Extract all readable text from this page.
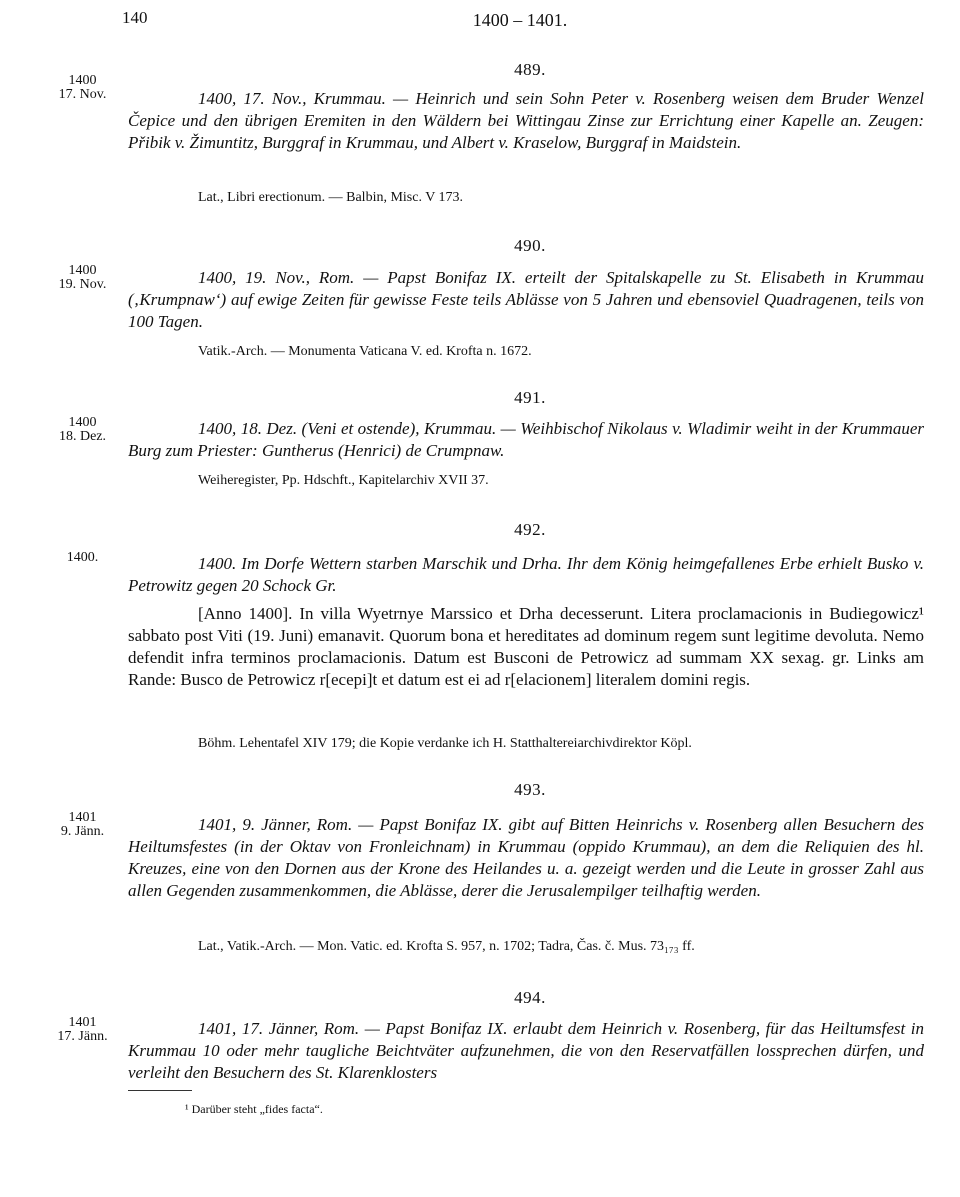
140	1400 – 1401.
489.
1400
17. Nov.	1400, 17. Nov., Krummau. — Heinrich und sein Sohn Peter v. Rosenberg weisen dem Bruder Wenzel Čepice und den übrigen Eremiten in den Wäldern bei Wittingau Zinse zur Errichtung einer Kapelle an. Zeugen: Přibik v. Žimuntitz, Burggraf in Krummau, und Albert v. Kraselow, Burggraf in Maidstein.

Lat., Libri erectionum. — Balbin, Misc. V 173.
490.
1400
19. Nov.	1400, 19. Nov., Rom. — Papst Bonifaz IX. erteilt der Spitalskapelle zu St. Elisabeth in Krummau (‚Krumpnaw‘) auf ewige Zeiten für gewisse Feste teils Ablässe von 5 Jahren und ebensoviel Quadragenen, teils von 100 Tagen.

Vatik.-Arch. — Monumenta Vaticana V. ed. Krofta n. 1672.
491.
1400
18. Dez.	1400, 18. Dez. (Veni et ostende), Krummau. — Weihbischof Nikolaus v. Wladimir weiht in der Krummauer Burg zum Priester: Guntherus (Henrici) de Crumpnaw.

Weiheregister, Pp. Hdschft., Kapitelarchiv XVII 37.
492.
1400.	1400. Im Dorfe Wettern starben Marschik und Drha. Ihr dem König heimgefallenes Erbe erhielt Busko v. Petrowitz gegen 20 Schock Gr.

[Anno 1400]. In villa Wyetrnye Marssico et Drha decesserunt. Litera proclamacionis in Budiegowicz¹ sabbato post Viti (19. Juni) emanavit. Quorum bona et hereditates ad dominum regem sunt legitime devoluta. Nemo defendit infra terminos proclamacionis. Datum est Busconi de Petrowicz ad summam XX sexag. gr. Links am Rande: Busco de Petrowicz r[ecepi]t et datum est ei ad r[elacionem] literalem domini regis.

Böhm. Lehentafel XIV 179; die Kopie verdanke ich H. Statthaltereiarchivdirektor Köpl.
493.
1401
9. Jänn.	1401, 9. Jänner, Rom. — Papst Bonifaz IX. gibt auf Bitten Heinrichs v. Rosenberg allen Besuchern des Heiltumsfestes (in der Oktav von Fronleichnam) in Krummau (oppido Krummau), an dem die Reliquien des hl. Kreuzes, eine von den Dornen aus der Krone des Heilandes u. a. gezeigt werden und die Leute in grosser Zahl aus allen Gegenden zusammenkommen, die Ablässe, derer die Jerusalempilger teilhaftig werden.

Lat., Vatik.-Arch. — Mon. Vatic. ed. Krofta S. 957, n. 1702; Tadra, Čas. č. Mus. 73₁₇₃ ff.
494.
1401
17. Jänn.	1401, 17. Jänner, Rom. — Papst Bonifaz IX. erlaubt dem Heinrich v. Rosenberg, für das Heiltumsfest in Krummau 10 oder mehr taugliche Beichtväter aufzunehmen, die von den Reservatfällen lossprechen dürfen, und verleiht den Besuchern des St. Klarenklosters

¹ Darüber steht „fides facta“.
